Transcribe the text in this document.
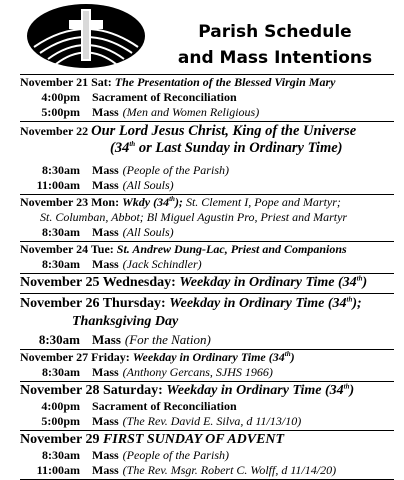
Parish Schedule
and Mass Intentions
November 21 Sat: The Presentation of the Blessed Virgin Mary
4:00pm	Sacrament of Reconciliation
5:00pm	Mass (Men and Women Religious)
November 22 Our Lord Jesus Christ, King of the Universe
(34th or Last Sunday in Ordinary Time)
8:30am	Mass (People of the Parish)
11:00am	Mass (All Souls)
November 23 Mon: Wkdy (34th); St. Clement I, Pope and Martyr;
St. Columban, Abbot; Bl Miguel Agustin Pro, Priest and Martyr
8:30am	Mass (All Souls)
November 24 Tue: St. Andrew Dung-Lac, Priest and Companions
8:30am	Mass (Jack Schindler)
November 25 Wednesday: Weekday in Ordinary Time (34th)
November 26 Thursday: Weekday in Ordinary Time (34th);
Thanksgiving Day
8:30am Mass (For the Nation)
November 27 Friday: Weekday in Ordinary Time (34th)
8:30am	Mass (Anthony Gercans, SJHS 1966)
November 28 Saturday: Weekday in Ordinary Time (34th)
4:00pm	Sacrament of Reconciliation
5:00pm	Mass (The Rev. David E. Silva, d 11/13/10)
November 29 FIRST SUNDAY OF ADVENT
8:30am	Mass (People of the Parish)
11:00am	Mass (The Rev. Msgr. Robert C. Wolff, d 11/14/20)
